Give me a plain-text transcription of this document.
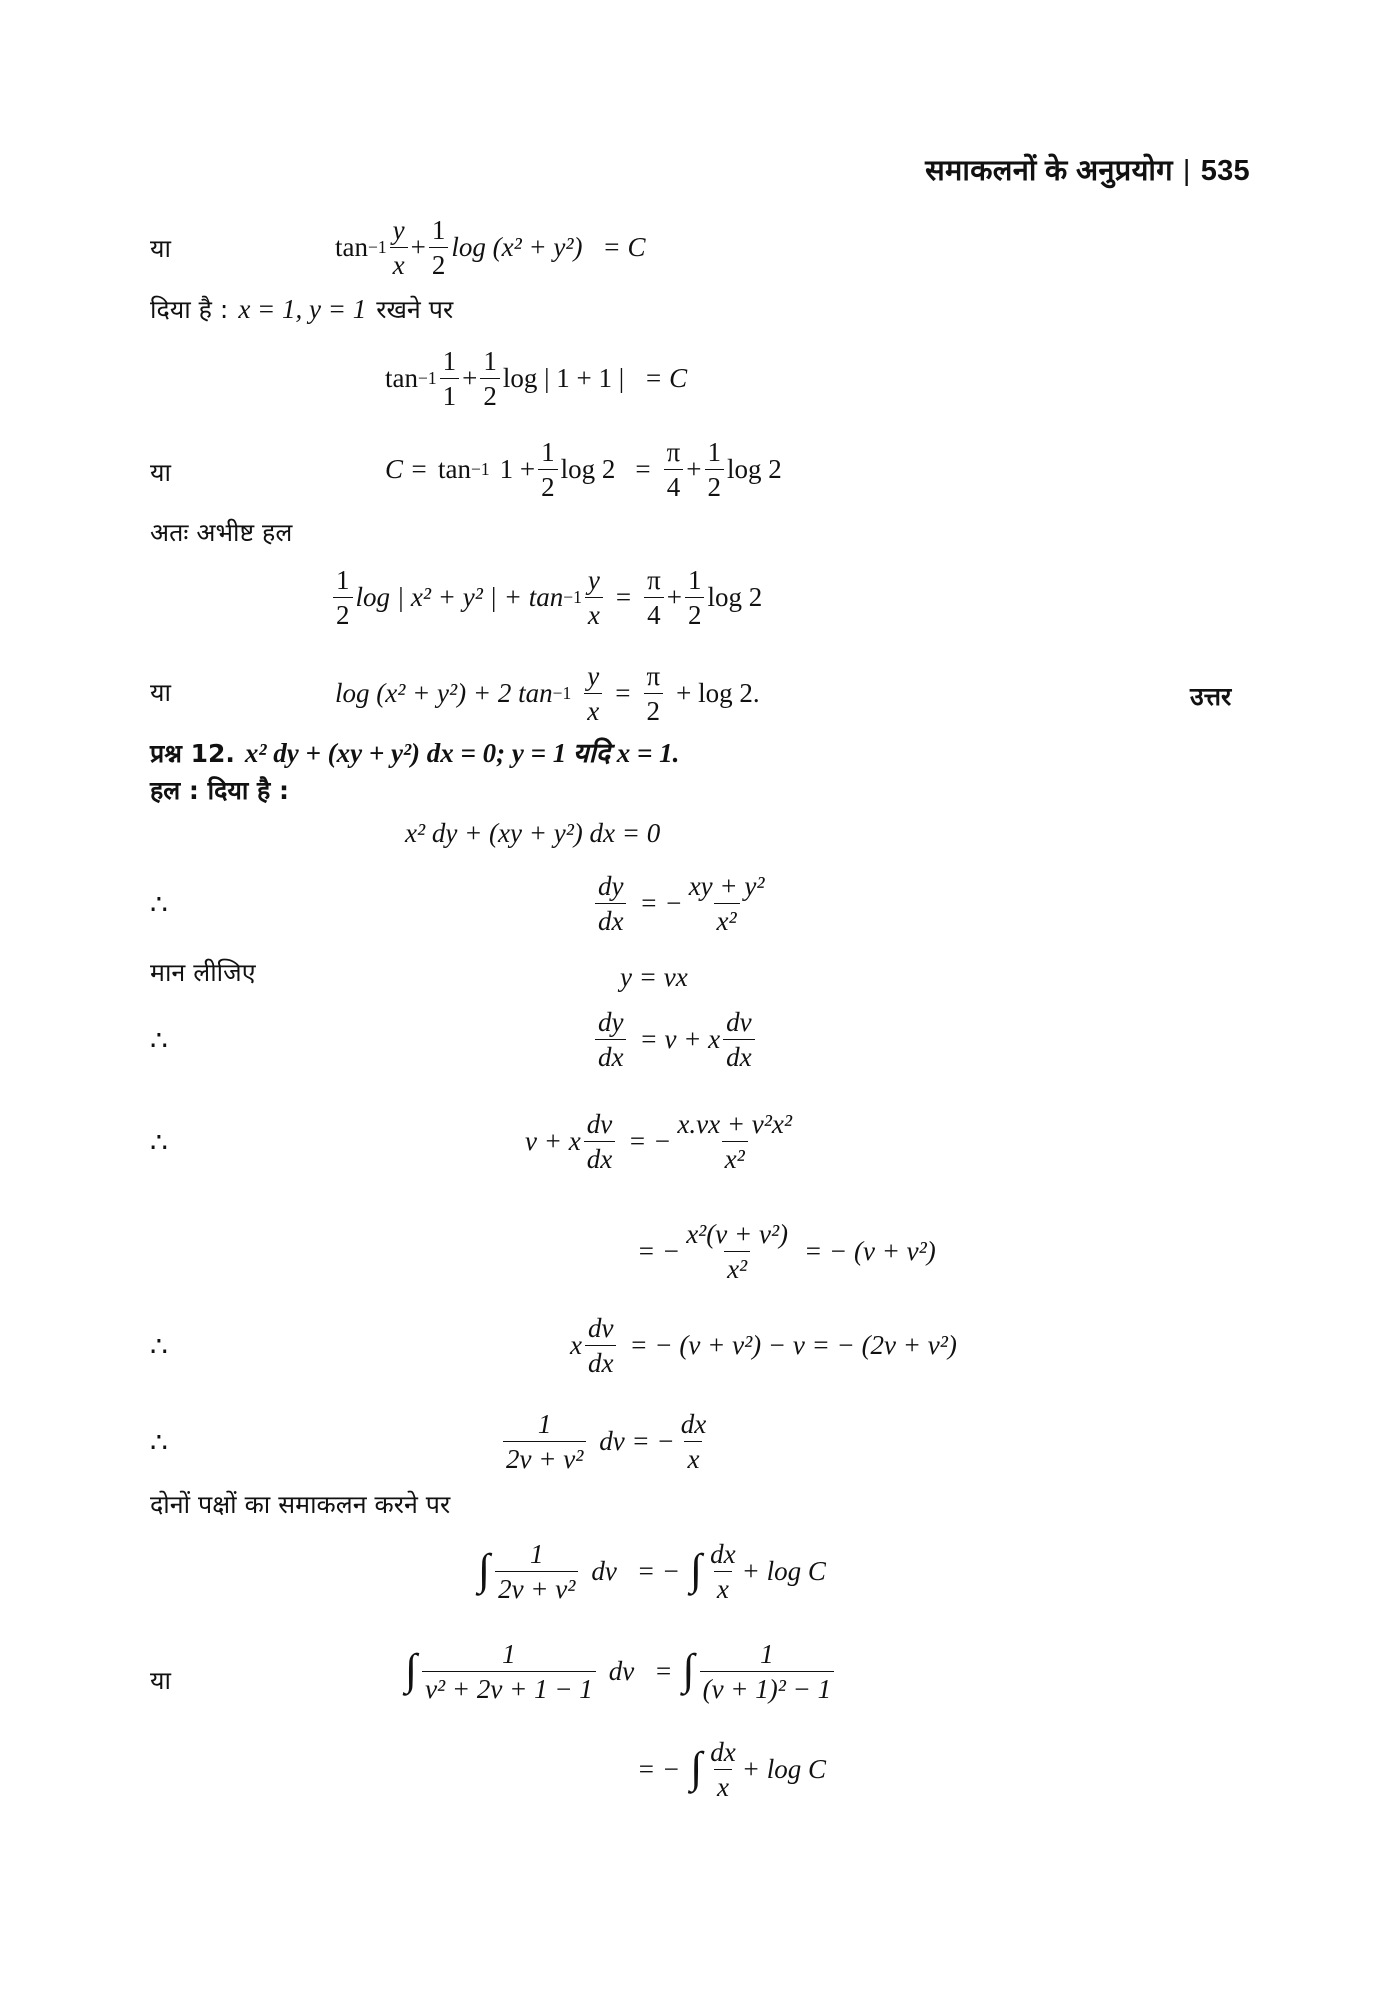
समाकलनों के अनुप्रयोग | 535
या	$\tan -1 \frac{y}{x} + \frac{1}{2}$ log (x² + y²) = C
दिया है : x = 1, y = 1 रखने पर
$\tan -1 \frac{1}{1} + \frac{1}{2}$ log | 1 + 1 | = C
या	C = tan −1 $1 + \frac{1}{2}$ $\log 2 = \frac{\pi}{4} + \frac{1}{2}$ log 2
अतः अभीष्ट हल
$\frac{1}{2}$ log | x² + y² | + $\tan -1 \frac{y}{x} = \frac{\pi}{4} + \frac{1}{2}$ log 2
या	log (x² + y²) + 2 $\tan -1 \frac{y}{x} = \frac{\pi}{2} + \log 2$.	उत्तर
प्रश्न 12. x² dy + (xy + y²) dx = 0; y = 1 यदि x = 1.
हल : दिया है :
x² dy + (xy + y²) dx = 0
∴	$\frac{dy}{dx}$ = − $\frac{\text{xy + y²}}{\text{x²}}$
मान लीजिए	y = vx
∴	$\frac{dy}{dx} = v + x \frac{dv}{dx}$
∴	v + x $\frac{dv}{dx}$ = − $\frac{\text{x.vx + v²x²}}{\text{x²}}$
= − $\frac{\text{x²(v + v²)}}{\text{x²}}$ = − (v + v²)
∴	x $\frac{dv}{dx}$ = − (v + v²) − v = − (2v + v²)
∴	$\frac{1}{\text{2v + v²}}$ dv = − $\frac{dx}{x}$
दोनों पक्षों का समाकलन करने पर
∫ $\frac{1}{\text{2v + v²}}$ dv = − ∫ $\frac{dx}{x} + \log C$
या	∫ $\frac{1}{\text{v² + 2v + 1 − 1}}$ dv = ∫ $\frac{1}{\text{(v + 1)² − 1}}$
= − ∫ $\frac{dx}{x} + \log C$
